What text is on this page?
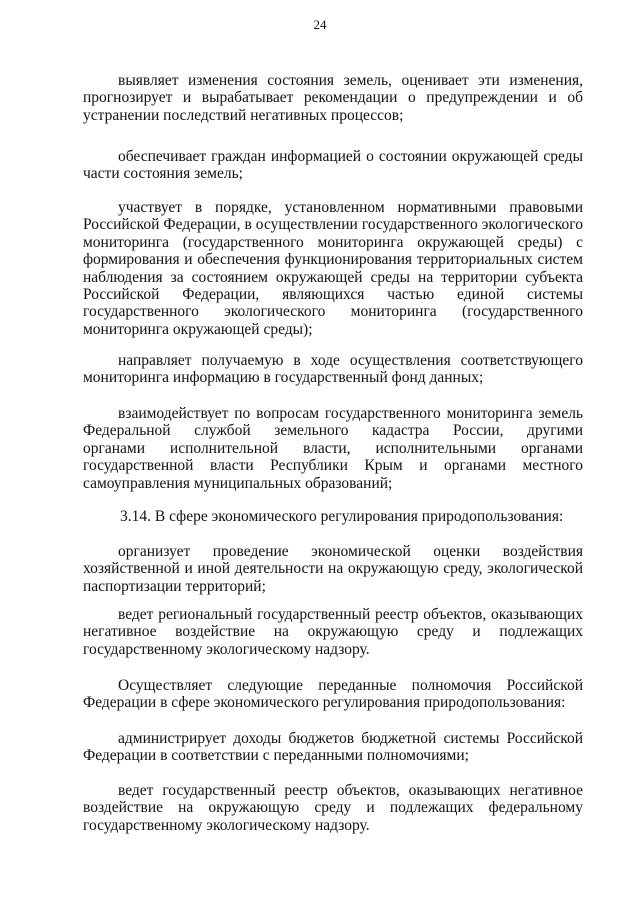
24
выявляет изменения состояния земель, оценивает эти изменения,
прогнозирует и вырабатывает рекомендации о предупреждении и об
устранении последствий негативных процессов;
обеспечивает граждан информацией о состоянии окружающей среды
части состояния земель;
участвует в порядке, установленном нормативными правовыми
Российской Федерации, в осуществлении государственного экологического
мониторинга (государственного мониторинга окружающей среды) с
формирования и обеспечения функционирования территориальных систем
наблюдения за состоянием окружающей среды на территории субъекта
Российской Федерации, являющихся частью единой системы
государственного экологического мониторинга (государственного
мониторинга окружающей среды);
направляет получаемую в ходе осуществления соответствующего
мониторинга информацию в государственный фонд данных;
взаимодействует по вопросам государственного мониторинга земель
Федеральной службой земельного кадастра России, другими
органами исполнительной власти, исполнительными органами
государственной власти Республики Крым и органами местного
самоуправления муниципальных образований;
3.14. В сфере экономического регулирования природопользования:
организует проведение экономической оценки воздействия
хозяйственной и иной деятельности на окружающую среду, экологической
паспортизации территорий;
ведет региональный государственный реестр объектов, оказывающих
негативное воздействие на окружающую среду и подлежащих
государственному экологическому надзору.
Осуществляет следующие переданные полномочия Российской
Федерации в сфере экономического регулирования природопользования:
администрирует доходы бюджетов бюджетной системы Российской
Федерации в соответствии с переданными полномочиями;
ведет государственный реестр объектов, оказывающих негативное
воздействие на окружающую среду и подлежащих федеральному
государственному экологическому надзору.
